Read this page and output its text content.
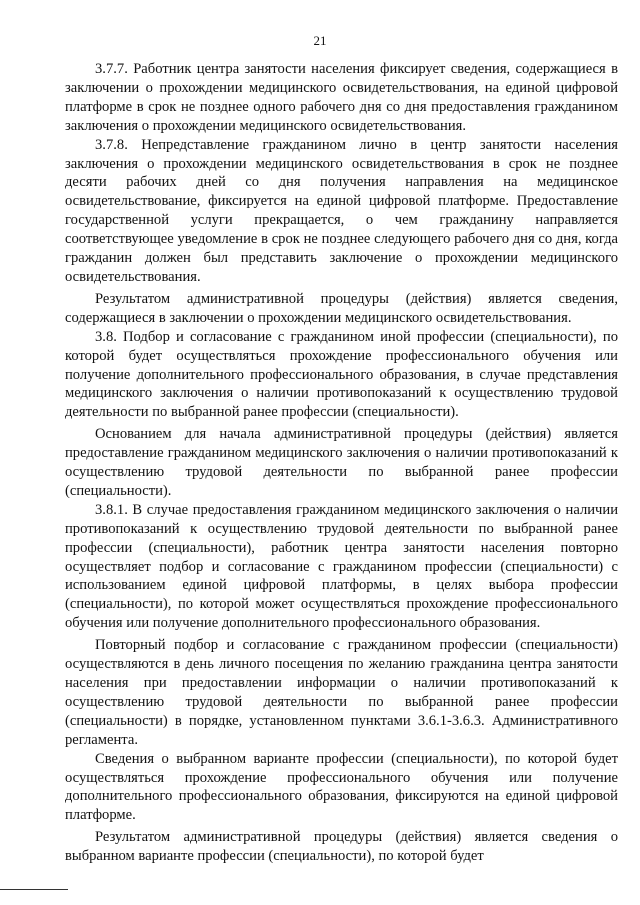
21

3.7.7. Работник центра занятости населения фиксирует сведения, содержащиеся в заключении о прохождении медицинского освидетельствования, на единой цифровой платформе в срок не позднее одного рабочего дня со дня предоставления гражданином заключения о прохождении медицинского освидетельствования.

3.7.8. Непредставление гражданином лично в центр занятости населения заключения о прохождении медицинского освидетельствования в срок не позднее десяти рабочих дней со дня получения направления на медицинское освидетельствование, фиксируется на единой цифровой платформе. Предоставление государственной услуги прекращается, о чем гражданину направляется соответствующее уведомление в срок не позднее следующего рабочего дня со дня, когда гражданин должен был представить заключение о прохождении медицинского освидетельствования.

Результатом административной процедуры (действия) является сведения, содержащиеся в заключении о прохождении медицинского освидетельствования.

3.8. Подбор и согласование с гражданином иной профессии (специальности), по которой будет осуществляться прохождение профессионального обучения или получение дополнительного профессионального образования, в случае представления медицинского заключения о наличии противопоказаний к осуществлению трудовой деятельности по выбранной ранее профессии (специальности).

Основанием для начала административной процедуры (действия) является предоставление гражданином медицинского заключения о наличии противопоказаний к осуществлению трудовой деятельности по выбранной ранее профессии (специальности).

3.8.1. В случае предоставления гражданином медицинского заключения о наличии противопоказаний к осуществлению трудовой деятельности по выбранной ранее профессии (специальности), работник центра занятости населения повторно осуществляет подбор и согласование с гражданином профессии (специальности) с использованием единой цифровой платформы, в целях выбора профессии (специальности), по которой может осуществляться прохождение профессионального обучения или получение дополнительного профессионального образования.

Повторный подбор и согласование с гражданином профессии (специальности) осуществляются в день личного посещения по желанию гражданина центра занятости населения при предоставлении информации о наличии противопоказаний к осуществлению трудовой деятельности по выбранной ранее профессии (специальности) в порядке, установленном пунктами 3.6.1-3.6.3. Административного регламента.

Сведения о выбранном варианте профессии (специальности), по которой будет осуществляться прохождение профессионального обучения или получение дополнительного профессионального образования, фиксируются на единой цифровой платформе.

Результатом административной процедуры (действия) является сведения о выбранном варианте профессии (специальности), по которой будет
